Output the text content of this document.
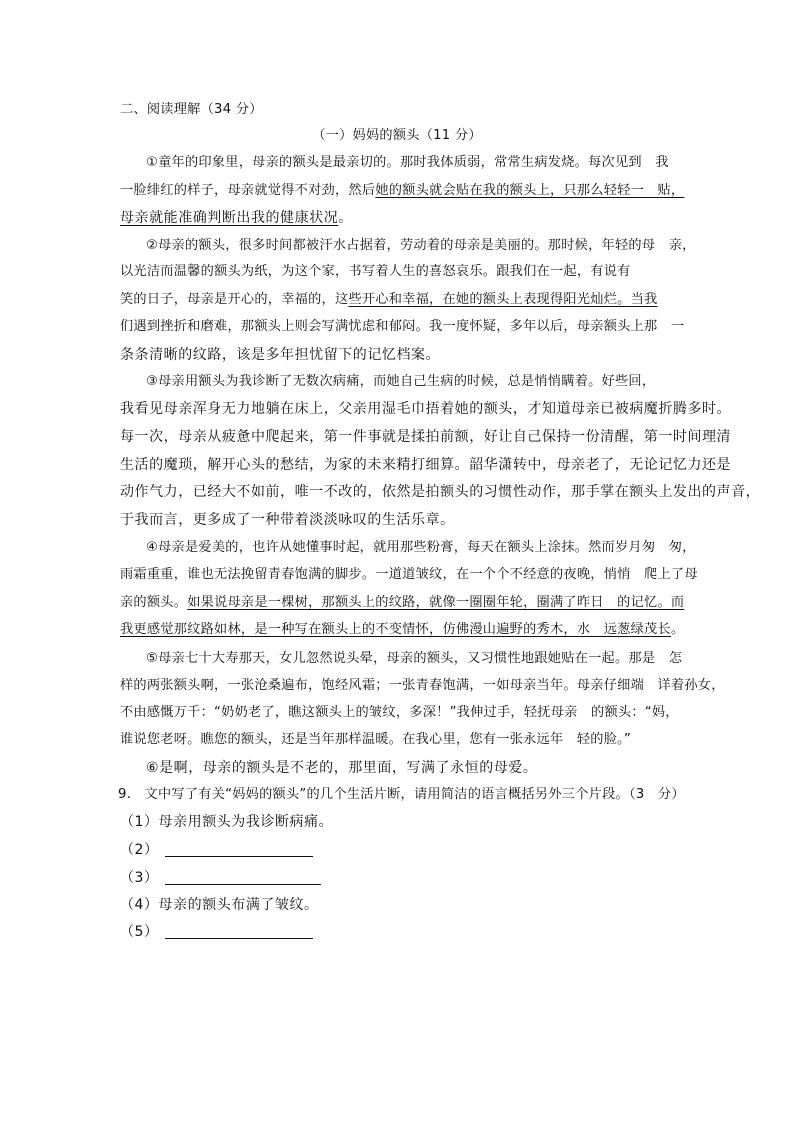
二、阅读理解（34 分）
（一）妈妈的额头（11 分）
①童年的印象里，母亲的额头是最亲切的。那时我体质弱，常常生病发烧。每次见到　我
一脸绯红的样子，母亲就觉得不对劲，然后她的额头就会贴在我的额头上，只那么轻轻一　贴，
母亲就能准确判断出我的健康状况。
②母亲的额头，很多时间都被汗水占据着，劳动着的母亲是美丽的。那时候，年轻的母　亲，
以光洁而温馨的额头为纸，为这个家，书写着人生的喜怒哀乐。跟我们在一起，有说有
笑的日子，母亲是开心的，幸福的，这些开心和幸福，在她的额头上表现得阳光灿烂。当我
们遇到挫折和磨难，那额头上则会写满忧虑和郁闷。我一度怀疑，多年以后，母亲额头上那　一
条条清晰的纹路，该是多年担忧留下的记忆档案。
③母亲用额头为我诊断了无数次病痛，而她自己生病的时候，总是悄悄瞒着。好些回，
我看见母亲浑身无力地躺在床上，父亲用湿毛巾捂着她的额头，才知道母亲已被病魔折腾多时。
每一次，母亲从疲惫中爬起来，第一件事就是揉拍前额，好让自己保持一份清醒，第一时间理清
生活的魔琐，解开心头的愁结，为家的未来精打细算。韶华潇转中，母亲老了，无论记忆力还是
动作气力，已经大不如前，唯一不改的，依然是拍额头的习惯性动作，那手掌在额头上发出的声音，
于我而言，更多成了一种带着淡淡咏叹的生活乐章。
④母亲是爱美的，也许从她懂事时起，就用那些粉膏，每天在额头上涂抹。然而岁月匆　匆，
雨霜重重，谁也无法挽留青春饱满的脚步。一道道皱纹，在一个个不经意的夜晚，悄悄　爬上了母
亲的额头。如果说母亲是一棵树，那额头上的纹路，就像一圈圈年轮，圈满了昨日　的记忆。而
我更感觉那纹路如林，是一种写在额头上的不变情怀，仿佛漫山遍野的秀木，水　远葱绿茂长。
⑤母亲七十大寿那天，女儿忽然说头晕，母亲的额头，又习惯性地跟她贴在一起。那是　怎
样的两张额头啊，一张沧桑遍布，饱经风霜；一张青春饱满，一如母亲当年。母亲仔细端　详着孙女，
不由感慨万千：“奶奶老了，瞧这额头上的皱纹，多深！”我伸过手，轻抚母亲　的额头：“妈，
谁说您老呀。瞧您的额头，还是当年那样温暖。在我心里，您有一张永远年　轻的脸。”
⑥是啊，母亲的额头是不老的，那里面，写满了永恒的母爱。
9.　文中写了有关“妈妈的额头”的几个生活片断，请用简洁的语言概括另外三个片段。（3　分）
（1）母亲用额头为我诊断病痛。
（2）
（3）
（4）母亲的额头布满了皱纹。
（5）
